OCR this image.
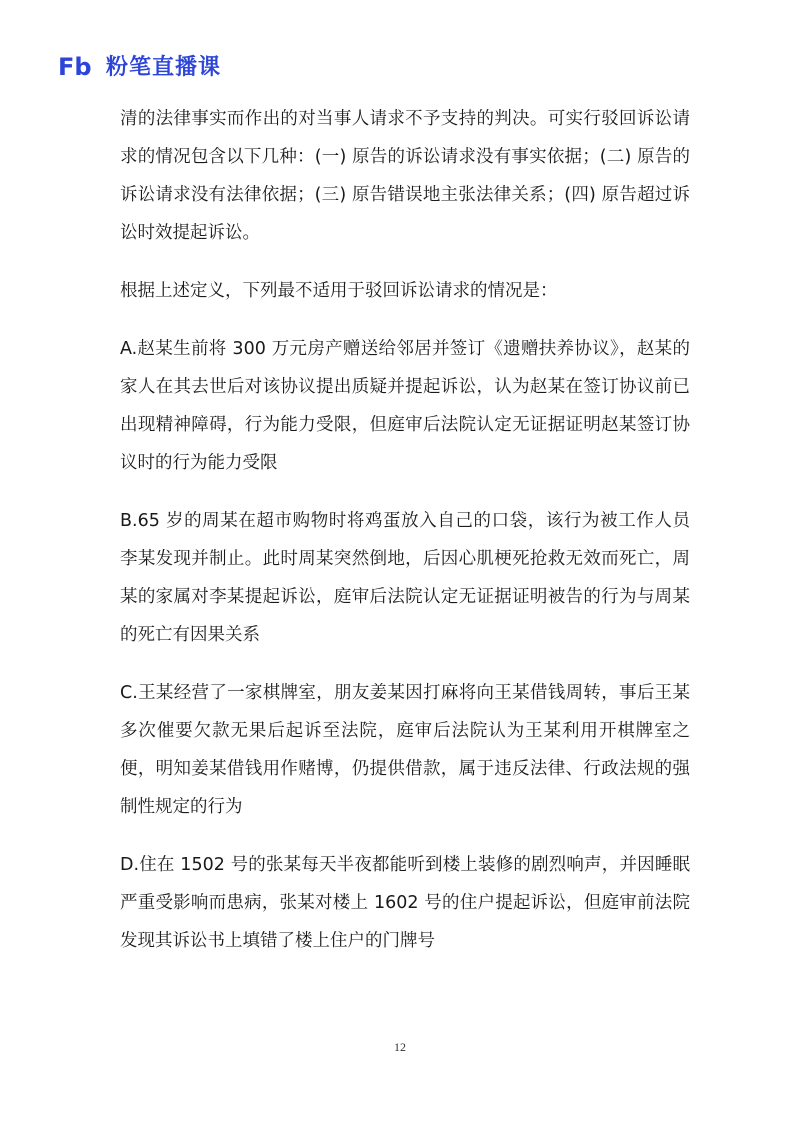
Fb 粉笔直播课

清的法律事实而作出的对当事人请求不予支持的判决。可实行驳回诉讼请求的情况包含以下几种：(一) 原告的诉讼请求没有事实依据；(二) 原告的诉讼请求没有法律依据；(三) 原告错误地主张法律关系；(四) 原告超过诉讼时效提起诉讼。

根据上述定义，下列最不适用于驳回诉讼请求的情况是：

A.赵某生前将 300 万元房产赠送给邻居并签订《遗赠扶养协议》，赵某的家人在其去世后对该协议提出质疑并提起诉讼，认为赵某在签订协议前已出现精神障碍，行为能力受限，但庭审后法院认定无证据证明赵某签订协议时的行为能力受限

B.65 岁的周某在超市购物时将鸡蛋放入自己的口袋，该行为被工作人员李某发现并制止。此时周某突然倒地，后因心肌梗死抢救无效而死亡，周某的家属对李某提起诉讼，庭审后法院认定无证据证明被告的行为与周某的死亡有因果关系

C.王某经营了一家棋牌室，朋友姜某因打麻将向王某借钱周转，事后王某多次催要欠款无果后起诉至法院，庭审后法院认为王某利用开棋牌室之便，明知姜某借钱用作赌博，仍提供借款，属于违反法律、行政法规的强制性规定的行为

D.住在 1502 号的张某每天半夜都能听到楼上装修的剧烈响声，并因睡眠严重受影响而患病，张某对楼上 1602 号的住户提起诉讼，但庭审前法院发现其诉讼书上填错了楼上住户的门牌号

12
